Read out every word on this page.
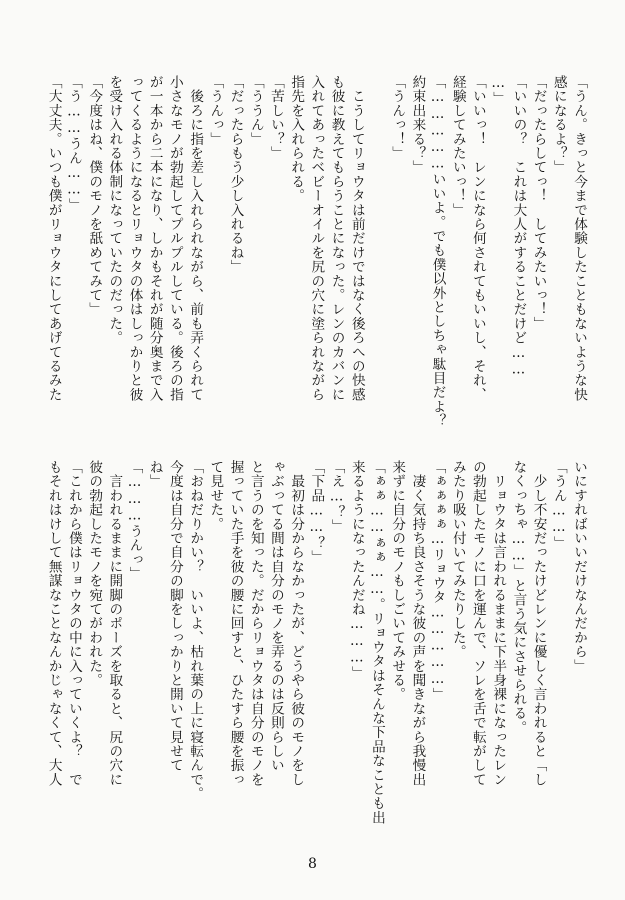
「うん。きっと今まで体験したこともないような快
感になるよ？」
「だったらしてっ！　してみたいっ！」
「いいの？　これは大人がすることだけど……
…」
「いいっ！　レンになら何されてもいいし、それ、
経験してみたいっ！」
「……………いいよ。でも僕以外としちゃ駄目だよ？
約束出来る？」
「うんっ！」

　こうしてリョウタは前だけではなく後ろへの快感
も彼に教えてもらうことになった。レンのカバンに
入れてあったベビーオイルを尻の穴に塗られながら
指先を入れられる。
「苦しい？」
「ううん」
「だったらもう少し入れるね」
「うんっ」
　後ろに指を差し入れられながら、前も弄くられて
小さなモノが勃起してプルプルしている。後ろの指
が一本から二本になり、しかもそれが随分奥まで入
ってくるようになるとリョウタの体はしっかりと彼
を受け入れる体制になっていたのだった。
「今度はね、僕のモノを舐めてみて」
「う……うん……」
「大丈夫。いつも僕がリョウタにしてあげてるみた
いにすればいいだけなんだから」
「うん……」
　少し不安だったけどレンに優しく言われると「し
なくっちゃ……」と言う気にさせられる。
　リョウタは言われるままに下半身裸になったレン
の勃起したモノに口を運んで、ソレを舌で転がして
みたり吸い付いてみたりした。
「ぁぁぁぁ…リョウタ……………」
　凄く気持ち良さそうな彼の声を聞きながら我慢出
来ずに自分のモノもしごいてみせる。
「ぁぁ……ぁぁ……。リョウタはそんな下品なことも出
来るようになったんだね………」
「え…？」
「下品……？」
　最初は分からなかったが、どうやら彼のモノをし
ゃぶってる間は自分のモノを弄るのは反則らしい
と言うのを知った。だからリョウタは自分のモノを
握っていた手を彼の腰に回すと、ひたすら腰を振っ
て見せた。
「おねだりかい？　いいよ、枯れ葉の上に寝転んで。
今度は自分で自分の脚をしっかりと開いて見せて
ね」
「………うんっ」
　言われるままに開脚のポーズを取ると、尻の穴に
彼の勃起したモノを宛てがわれた。
「これから僕はリョウタの中に入っていくよ？　で
もそれはけして無謀なことなんかじゃなくて、大人
8
